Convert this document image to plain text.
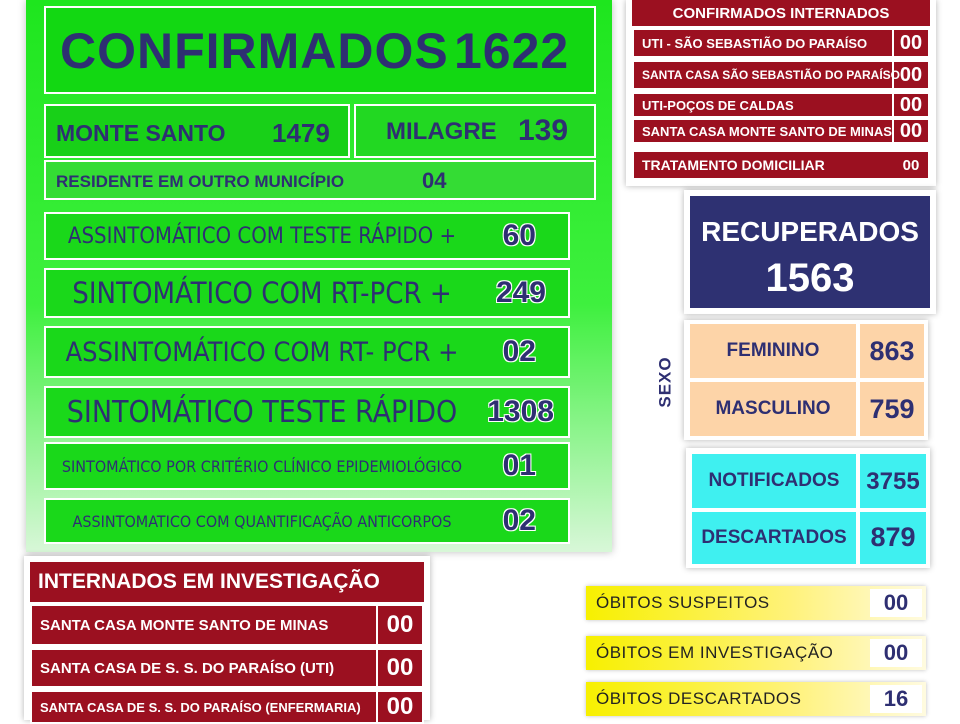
CONFIRMADOS 1622
MONTE SANTO 1479 MILAGRE 139
RESIDENTE EM OUTRO MUNICÍPIO	04
ASSINTOMÁTICO COM TESTE RÁPIDO +	60
SINTOMÁTICO COM RT-PCR +	249
ASSINTOMÁTICO COM RT- PCR +	02
SINTOMÁTICO TESTE RÁPIDO 1308
SINTOMÁTICO POR CRITÉRIO CLÍNICO EPIDEMIOLÓGICO	01
ASSINTOMATICO COM QUANTIFICAÇÃO ANTICORPOS	02
CONFIRMADOS INTERNADOS
UTI - SÃO SEBASTIÃO DO PARAÍSO	00
SANTA CASA SÃO SEBASTIÃO DO PARAÍSO 00
UTI-POÇOS DE CALDAS	00
SANTA CASA MONTE SANTO DE MINAS 00
TRATAMENTO DOMICILIAR	00
RECUPERADOS
1563
SEXO
FEMININO	863
MASCULINO	759
NOTIFICADOS	3755
DESCARTADOS 879
INTERNADOS EM INVESTIGAÇÃO
SANTA CASA MONTE SANTO DE MINAS	00
SANTA CASA DE S. S. DO PARAÍSO (UTI)	00
SANTA CASA DE S. S. DO PARAÍSO (ENFERMARIA)	00
ÓBITOS SUSPEITOS	00
ÓBITOS EM INVESTIGAÇÃO	00
ÓBITOS DESCARTADOS	16
